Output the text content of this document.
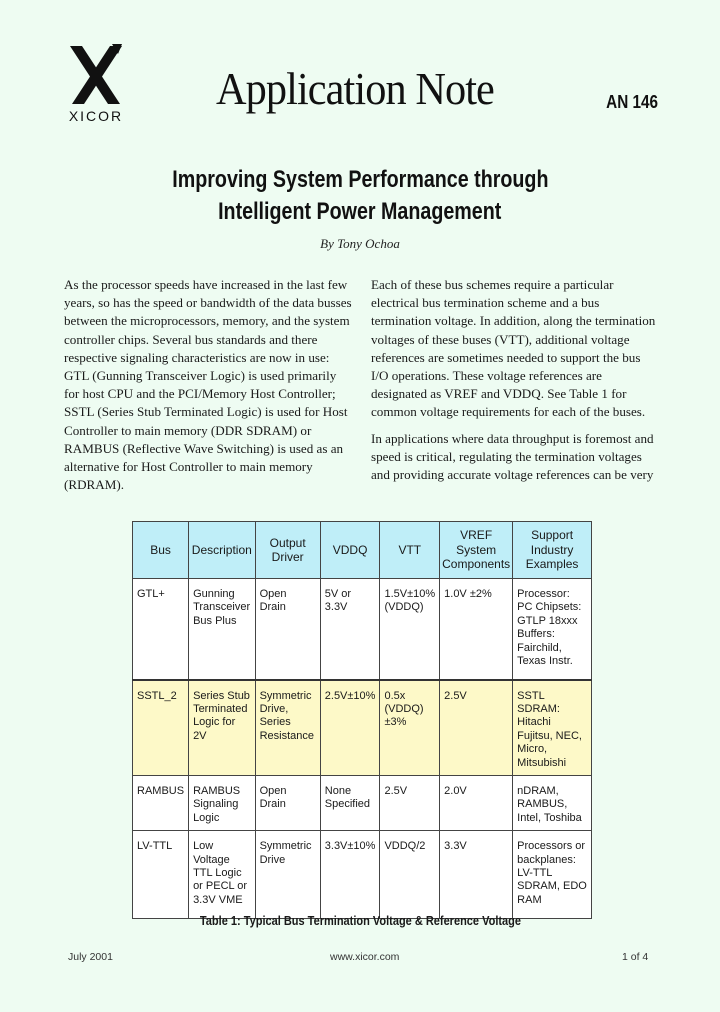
XICOR
Application Note	AN 146
Improving System Performance through
Intelligent Power Management
By Tony Ochoa

As the processor speeds have increased in the last few years, so has the speed or bandwidth of the data busses between the microprocessors, memory, and the system controller chips. Several bus standards and there respective signaling characteristics are now in use: GTL (Gunning Transceiver Logic) is used primarily for host CPU and the PCI/Memory Host Controller; SSTL (Series Stub Terminated Logic) is used for Host Controller to main memory (DDR SDRAM) or RAMBUS (Reflective Wave Switching) is used as an alternative for Host Controller to main memory (RDRAM).

Each of these bus schemes require a particular electrical bus termination scheme and a bus termination voltage. In addition, along the termination voltages of these buses (VTT), additional voltage references are sometimes needed to support the bus I/O operations. These voltage references are designated as VREF and VDDQ. See Table 1 for common voltage requirements for each of the buses.

In applications where data throughput is foremost and speed is critical, regulating the termination voltages and providing accurate voltage references can be very

Bus	Description	Output Driver	VDDQ	VTT	VREF System Components	Support Industry Examples
GTL+	Gunning Transceiver Bus Plus	Open Drain	5V or 3.3V	1.5V±10% (VDDQ)	1.0V ±2%	Processor: PC Chipsets: GTLP 18xxx Buffers: Fairchild, Texas Instr.
SSTL_2	Series Stub Terminated Logic for 2V	Symmetric Drive, Series Resistance	2.5V±10%	0.5x (VDDQ) ±3%	2.5V	SSTL SDRAM: Hitachi Fujitsu, NEC, Micro, Mitsubishi
RAMBUS	RAMBUS Signaling Logic	Open Drain	None Specified	2.5V	2.0V	nDRAM, RAMBUS, Intel, Toshiba
LV-TTL	Low Voltage TTL Logic or PECL or 3.3V VME	Symmetric Drive	3.3V±10%	VDDQ/2	3.3V	Processors or backplanes: LV-TTL SDRAM, EDO RAM
Table 1: Typical Bus Termination Voltage & Reference Voltage
July 2001	www.xicor.com	1 of 4
